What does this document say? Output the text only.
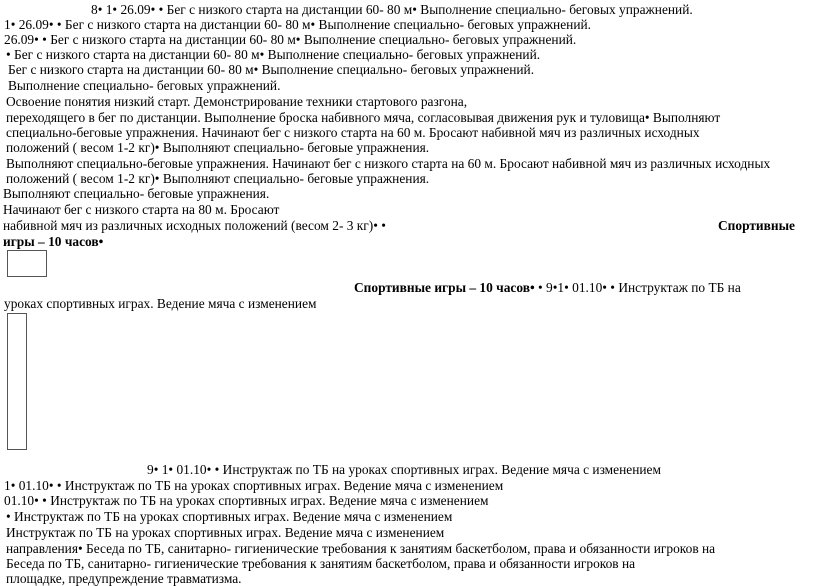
8• 1• 26.09• • Бег с низкого старта на дистанции 60- 80 м• Выполнение специально- беговых упражнений.
1• 26.09• • Бег с низкого старта на дистанции 60- 80 м• Выполнение специально- беговых упражнений.
26.09• • Бег с низкого старта на дистанции 60- 80 м• Выполнение специально- беговых упражнений.
• Бег с низкого старта на дистанции 60- 80 м• Выполнение специально- беговых упражнений.
Бег с низкого старта на дистанции 60- 80 м• Выполнение специально- беговых упражнений.
Выполнение специально- беговых упражнений.
Освоение понятия низкий старт. Демонстрирование техники стартового разгона,
переходящего в бег по дистанции. Выполнение броска набивного мяча, согласовывая движения рук и туловища• Выполняют
специально-беговые упражнения. Начинают бег с низкого старта на 60 м. Бросают набивной мяч из различных исходных
положений ( весом 1-2 кг)• Выполняют специально- беговые упражнения.
Выполняют специально-беговые упражнения. Начинают бег с низкого старта на 60 м. Бросают набивной мяч из различных исходных
положений ( весом 1-2 кг)• Выполняют специально- беговые упражнения.
Выполняют специально- беговые упражнения.
Начинают бег с низкого старта на 80 м. Бросают
набивной мяч из различных исходных положений (весом 2- 3 кг)• •	Спортивные
игры – 10 часов•
Спортивные игры – 10 часов• • 9•1• 01.10• • Инструктаж по ТБ на
уроках спортивных играх. Ведение мяча с изменением
9• 1• 01.10• • Инструктаж по ТБ на уроках спортивных играх. Ведение мяча с изменением
1• 01.10• • Инструктаж по ТБ на уроках спортивных играх. Ведение мяча с изменением
01.10• • Инструктаж по ТБ на уроках спортивных играх. Ведение мяча с изменением
• Инструктаж по ТБ на уроках спортивных играх. Ведение мяча с изменением
Инструктаж по ТБ на уроках спортивных играх. Ведение мяча с изменением
направления• Беседа по ТБ, санитарно- гигиенические требования к занятиям баскетболом, права и обязанности игроков на
Беседа по ТБ, санитарно- гигиенические требования к занятиям баскетболом, права и обязанности игроков на
площадке, предупреждение травматизма.
